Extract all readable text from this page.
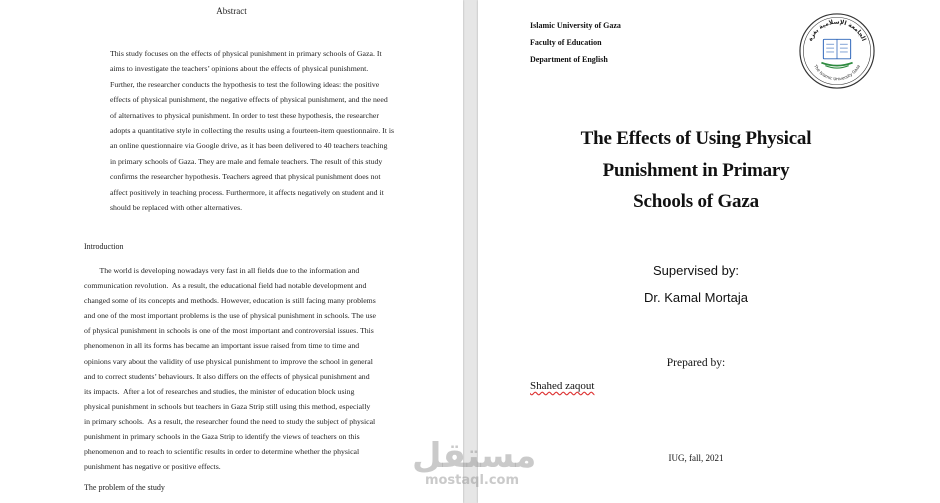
Abstract
This study focuses on the effects of physical punishment in primary schools of Gaza. It
aims to investigate the teachers’ opinions about the effects of physical punishment.
Further, the researcher conducts the hypothesis to test the following ideas: the positive
effects of physical punishment, the negative effects of physical punishment, and the need
of alternatives to physical punishment. In order to test these hypothesis, the researcher
adopts a quantitative style in collecting the results using a fourteen-item questionnaire. It is
an online questionnaire via Google drive, as it has been delivered to 40 teachers teaching
in primary schools of Gaza. They are male and female teachers. The result of this study
confirms the researcher hypothesis. Teachers agreed that physical punishment does not
affect positively in teaching process. Furthermore, it affects negatively on student and it
should be replaced with other alternatives.
Introduction
The world is developing nowadays very fast in all fields due to the information and
communication revolution.  As a result, the educational field had notable development and
changed some of its concepts and methods. However, education is still facing many problems
and one of the most important problems is the use of physical punishment in schools. The use
of physical punishment in schools is one of the most important and controversial issues. This
phenomenon in all its forms has became an important issue raised from time to time and
opinions vary about the validity of use physical punishment to improve the school in general
and to correct students’ behaviours. It also differs on the effects of physical punishment and
its impacts.  After a lot of researches and studies, the minister of education block using
physical punishment in schools but teachers in Gaza Strip still using this method, especially
in primary schools.  As a result, the researcher found the need to study the subject of physical
punishment in primary schools in the Gaza Strip to identify the views of teachers on this
phenomenon and to reach to scientific results in order to determine whether the physical
punishment has negative or positive effects.
The problem of the study
Islamic University of Gaza
Faculty of Education
Department of English
الجامعة الإسلامية بغزة
The Islamic University Gaza
The Effects of Using Physical
Punishment in Primary
Schools of Gaza
Supervised by:
Dr. Kamal Mortaja
Prepared by:
Shahed zaqout
IUG, fall, 2021
مستقل
mostaql.com
